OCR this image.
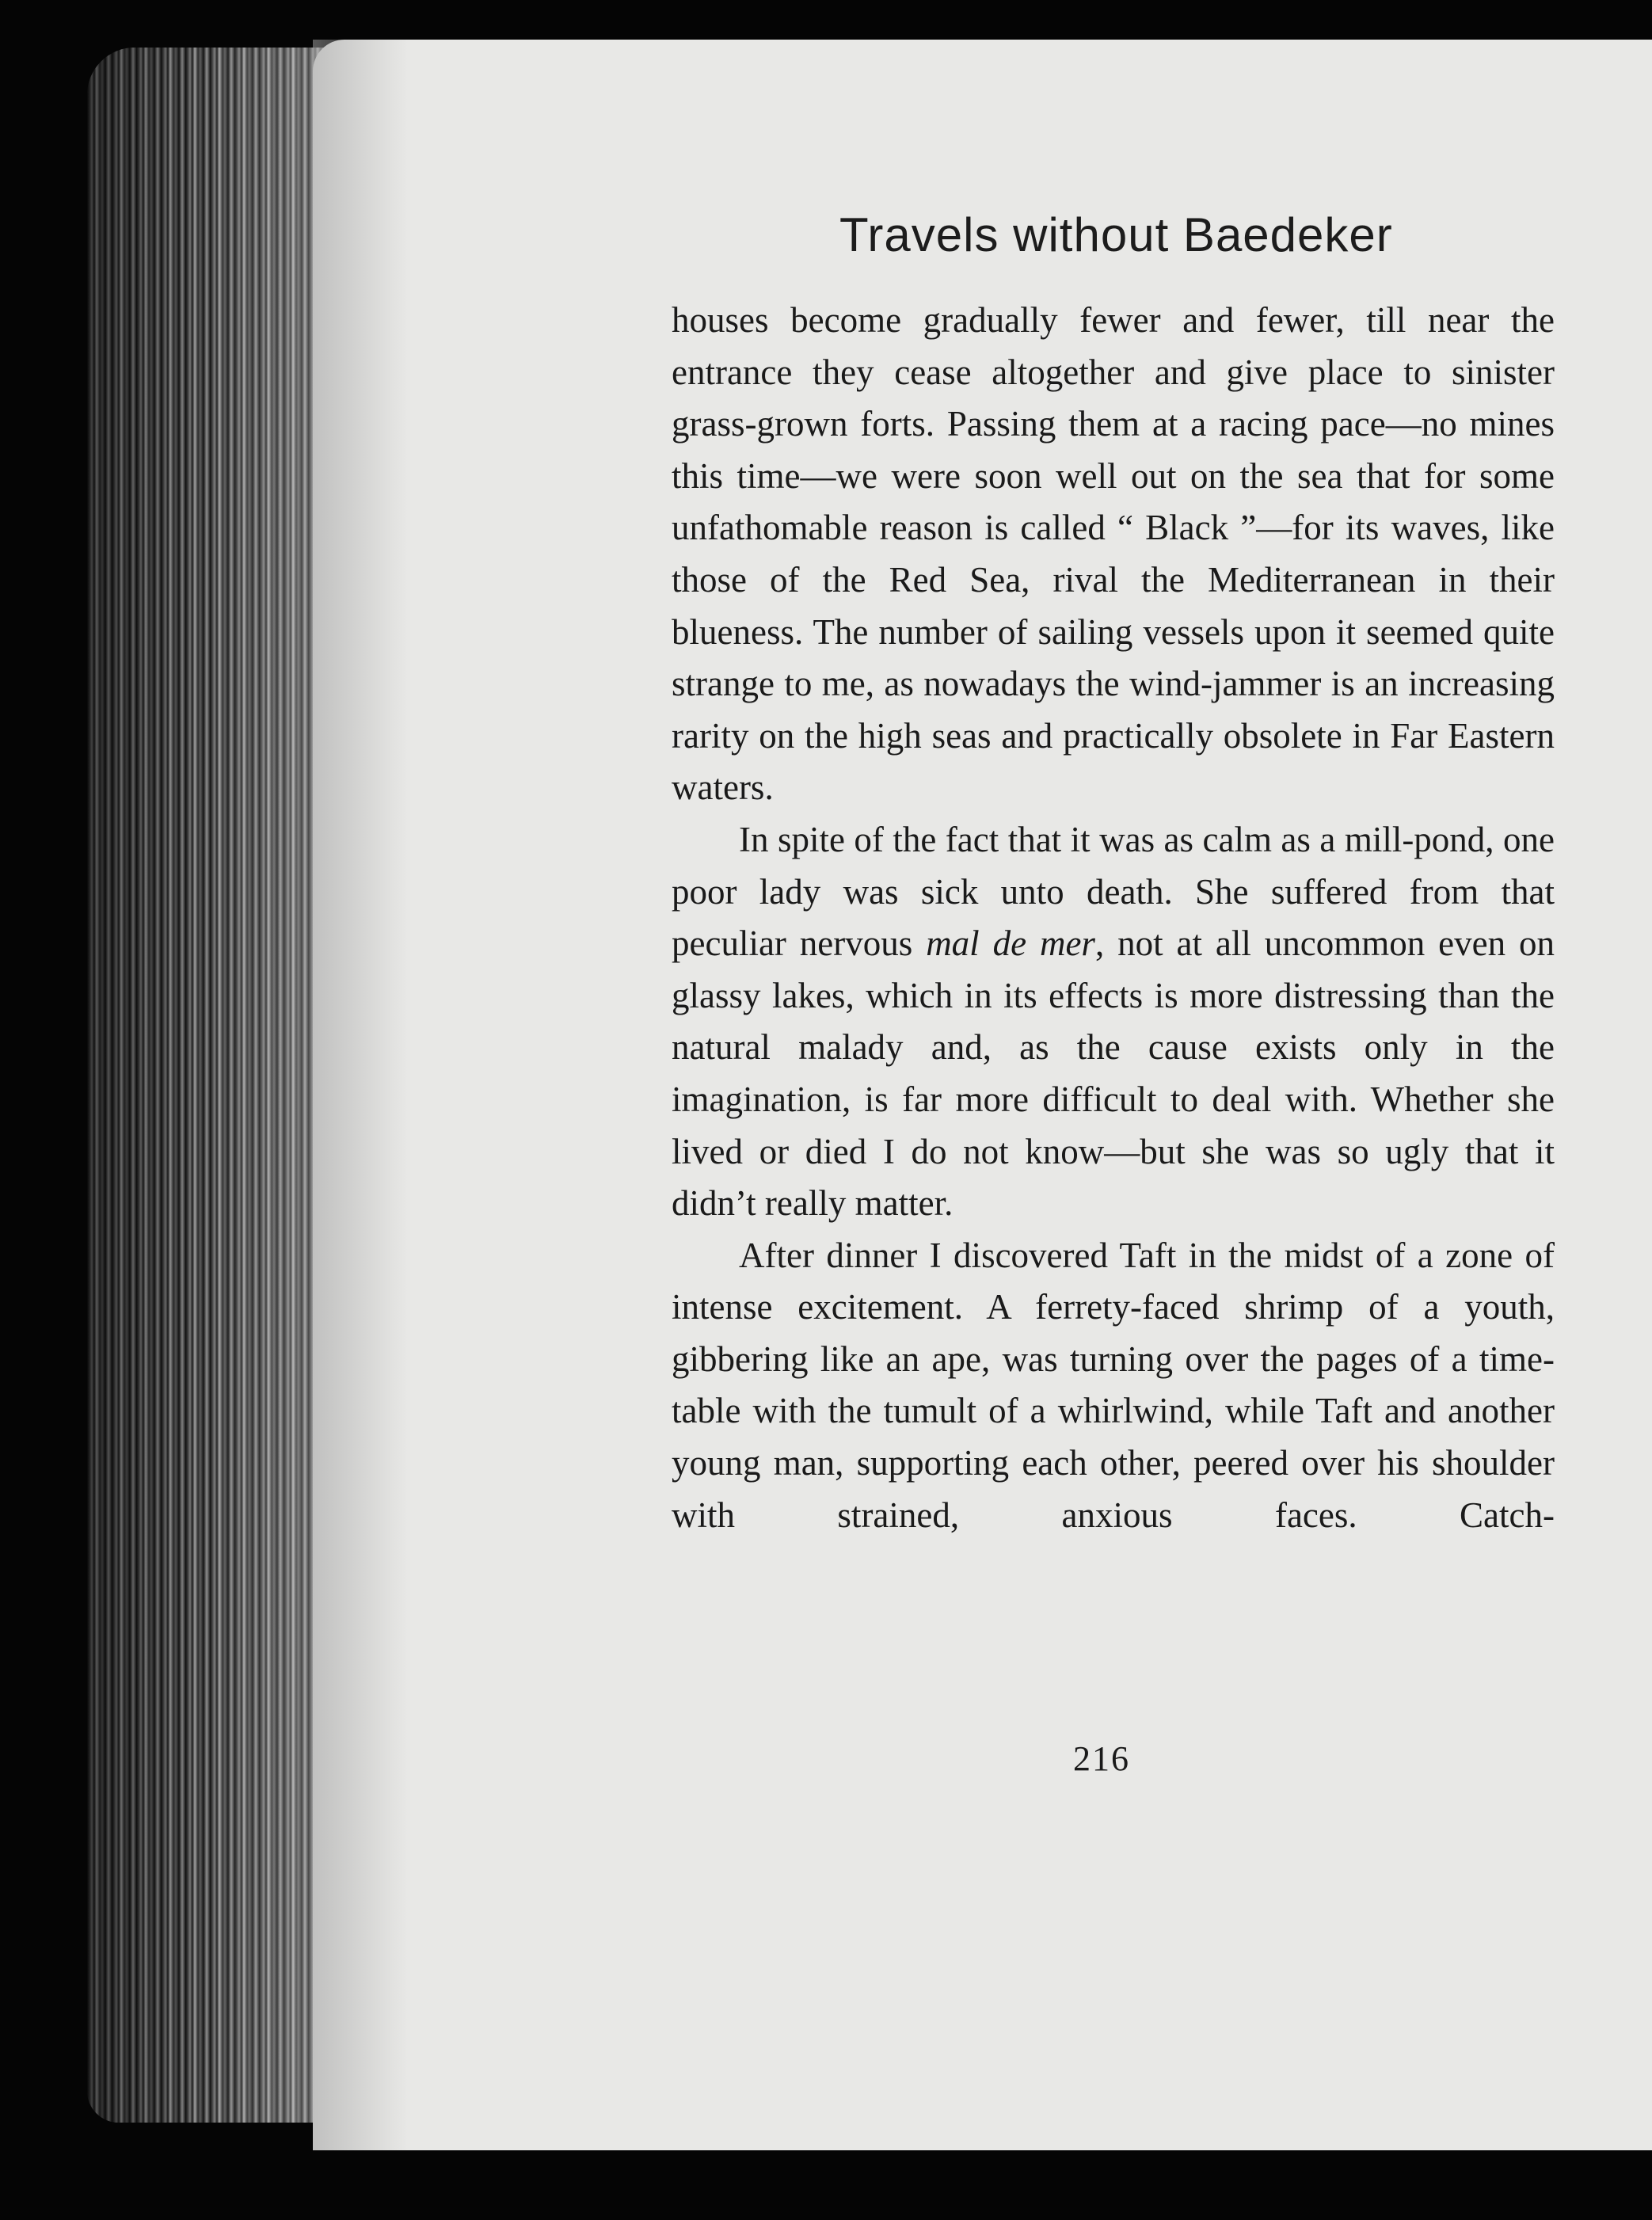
Travels without Baedeker

houses become gradually fewer and fewer, till near the entrance they cease altogether and give place to sinister grass-grown forts. Passing them at a racing pace—no mines this time—we were soon well out on the sea that for some unfathomable reason is called “ Black ”—for its waves, like those of the Red Sea, rival the Mediterranean in their blueness. The number of sailing vessels upon it seemed quite strange to me, as nowadays the wind-jammer is an increasing rarity on the high seas and practically obsolete in Far Eastern waters.

In spite of the fact that it was as calm as a mill-pond, one poor lady was sick unto death. She suffered from that peculiar nervous mal de mer, not at all uncommon even on glassy lakes, which in its effects is more distressing than the natural malady and, as the cause exists only in the imagination, is far more difficult to deal with. Whether she lived or died I do not know—but she was so ugly that it didn’t really matter.

After dinner I discovered Taft in the midst of a zone of intense excitement. A ferrety-faced shrimp of a youth, gibbering like an ape, was turning over the pages of a time-table with the tumult of a whirlwind, while Taft and another young man, supporting each other, peered over his shoulder with strained, anxious faces. Catch-

216
